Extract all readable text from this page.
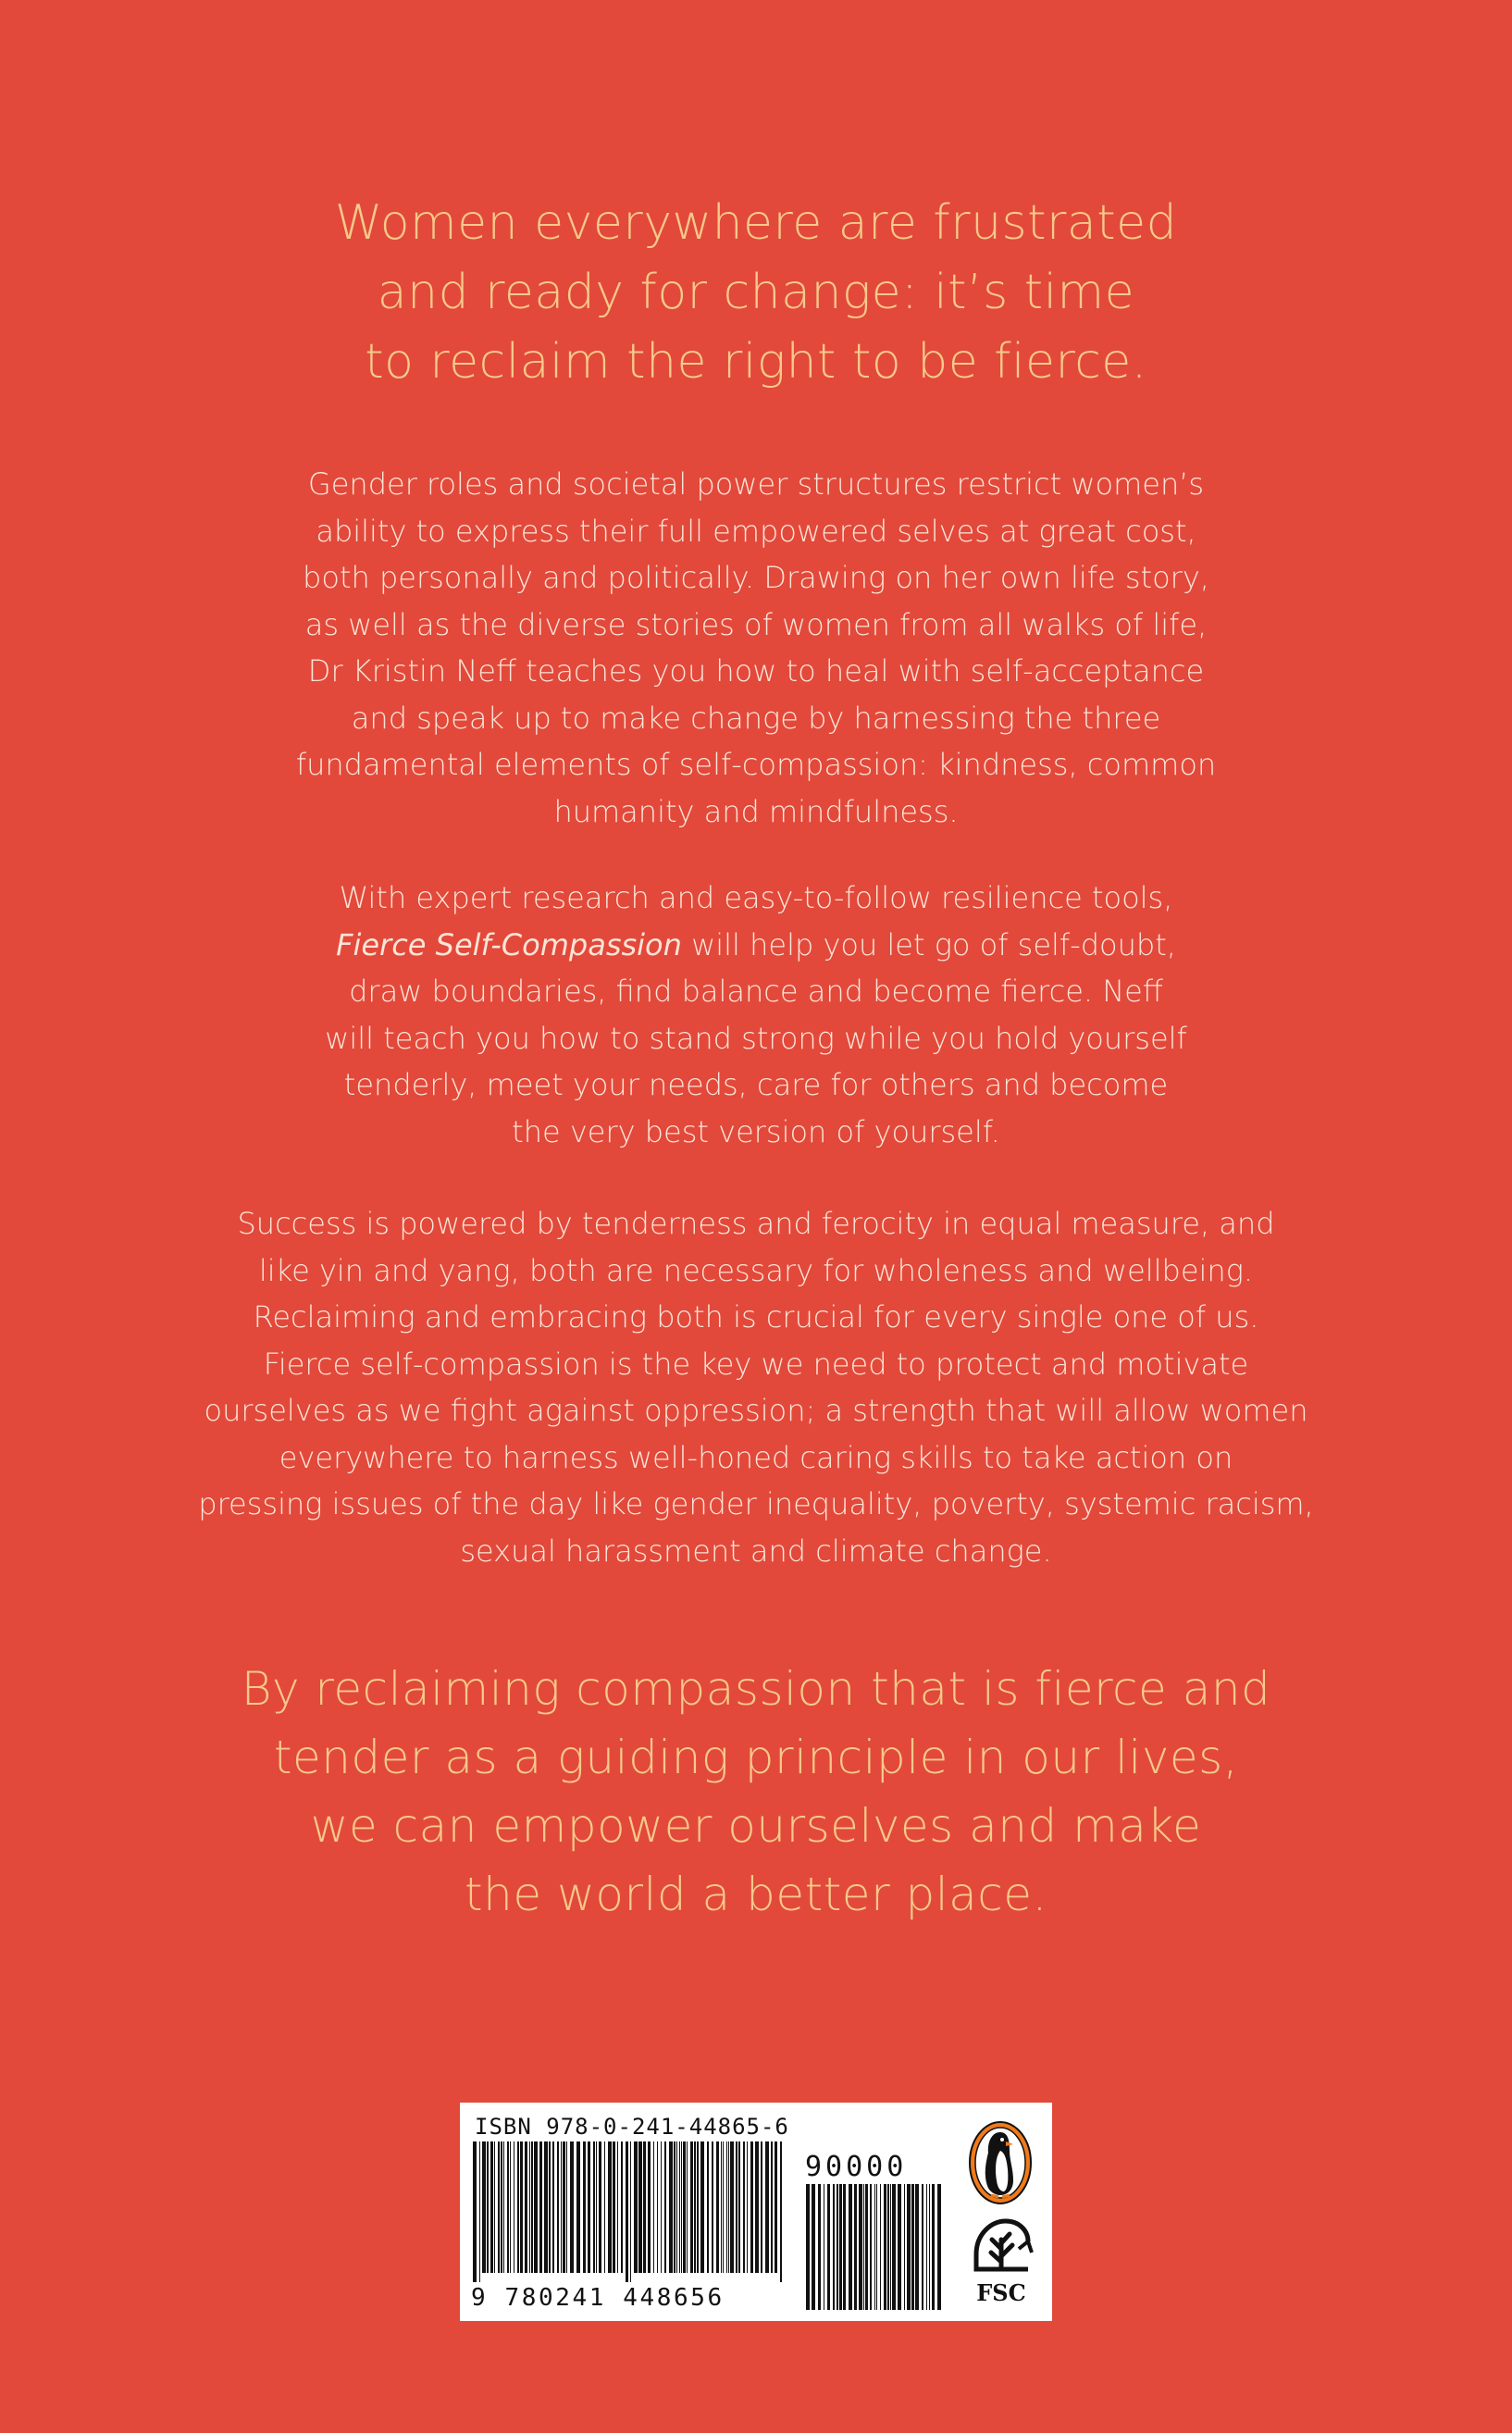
Women everywhere are frustrated
and ready for change: it’s time
to reclaim the right to be fierce.

Gender roles and societal power structures restrict women’s
ability to express their full empowered selves at great cost,
both personally and politically. Drawing on her own life story,
as well as the diverse stories of women from all walks of life,
Dr Kristin Neff teaches you how to heal with self-acceptance
and speak up to make change by harnessing the three
fundamental elements of self-compassion: kindness, common
humanity and mindfulness.

With expert research and easy-to-follow resilience tools,
Fierce Self-Compassion will help you let go of self-doubt,
draw boundaries, find balance and become fierce. Neff
will teach you how to stand strong while you hold yourself
tenderly, meet your needs, care for others and become
the very best version of yourself.

Success is powered by tenderness and ferocity in equal measure, and
like yin and yang, both are necessary for wholeness and wellbeing.
Reclaiming and embracing both is crucial for every single one of us.
Fierce self-compassion is the key we need to protect and motivate
ourselves as we fight against oppression; a strength that will allow women
everywhere to harness well-honed caring skills to take action on
pressing issues of the day like gender inequality, poverty, systemic racism,
sexual harassment and climate change.

By reclaiming compassion that is fierce and
tender as a guiding principle in our lives,
we can empower ourselves and make
the world a better place.
ISBN 978-0-241-44865-6
9 780241 448656
90000
FSC
